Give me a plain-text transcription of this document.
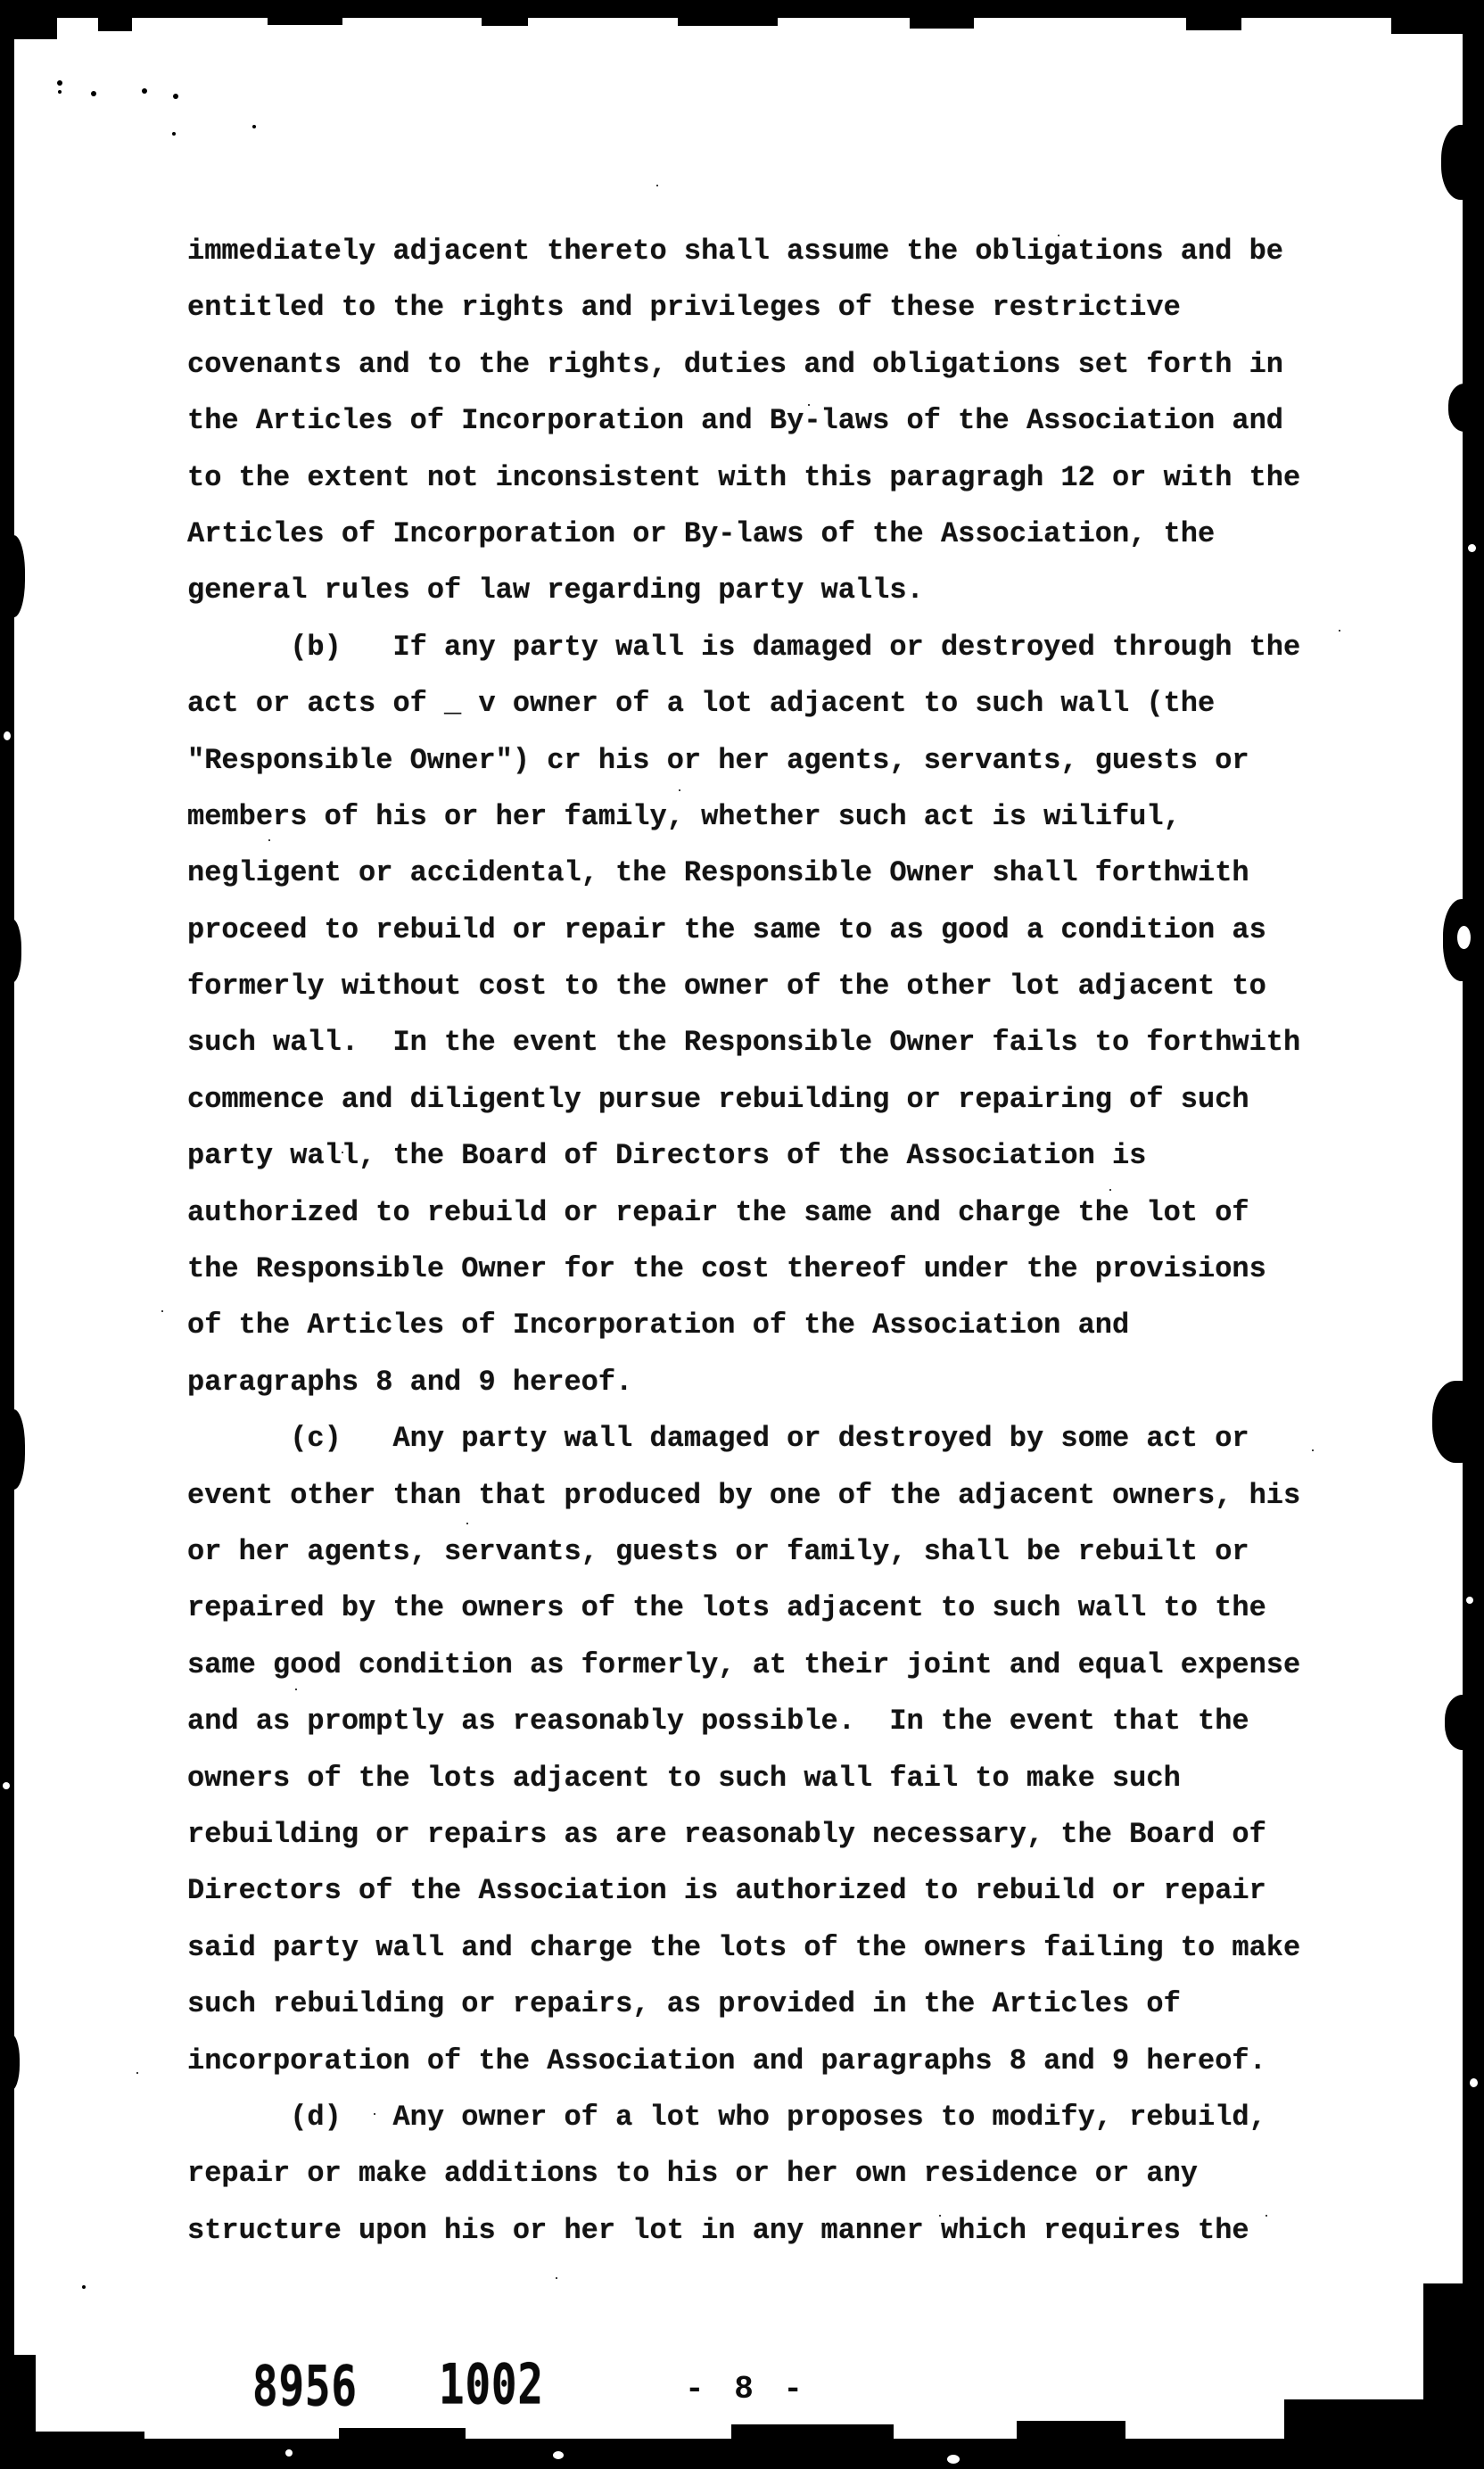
immediately adjacent thereto shall assume the obligations and be
entitled to the rights and privileges of these restrictive
covenants and to the rights, duties and obligations set forth in
the Articles of Incorporation and By-laws of the Association and
to the extent not inconsistent with this paragragh 12 or with the
Articles of Incorporation or By-laws of the Association, the
general rules of law regarding party walls.
(b)   If any party wall is damaged or destroyed through the
act or acts of _ v owner of a lot adjacent to such wall (the
"Responsible Owner") cr his or her agents, servants, guests or
members of his or her family, whether such act is wiliful,
negligent or accidental, the Responsible Owner shall forthwith
proceed to rebuild or repair the same to as good a condition as
formerly without cost to the owner of the other lot adjacent to
such wall.  In the event the Responsible Owner fails to forthwith
commence and diligently pursue rebuilding or repairing of such
party wall, the Board of Directors of the Association is
authorized to rebuild or repair the same and charge the lot of
the Responsible Owner for the cost thereof under the provisions
of the Articles of Incorporation of the Association and
paragraphs 8 and 9 hereof.
(c)   Any party wall damaged or destroyed by some act or
event other than that produced by one of the adjacent owners, his
or her agents, servants, guests or family, shall be rebuilt or
repaired by the owners of the lots adjacent to such wall to the
same good condition as formerly, at their joint and equal expense
and as promptly as reasonably possible.  In the event that the
owners of the lots adjacent to such wall fail to make such
rebuilding or repairs as are reasonably necessary, the Board of
Directors of the Association is authorized to rebuild or repair
said party wall and charge the lots of the owners failing to make
such rebuilding or repairs, as provided in the Articles of
incorporation of the Association and paragraphs 8 and 9 hereof.
(d)   Any owner of a lot who proposes to modify, rebuild,
repair or make additions to his or her own residence or any
structure upon his or her lot in any manner which requires the
8956 1002	- 8 -
